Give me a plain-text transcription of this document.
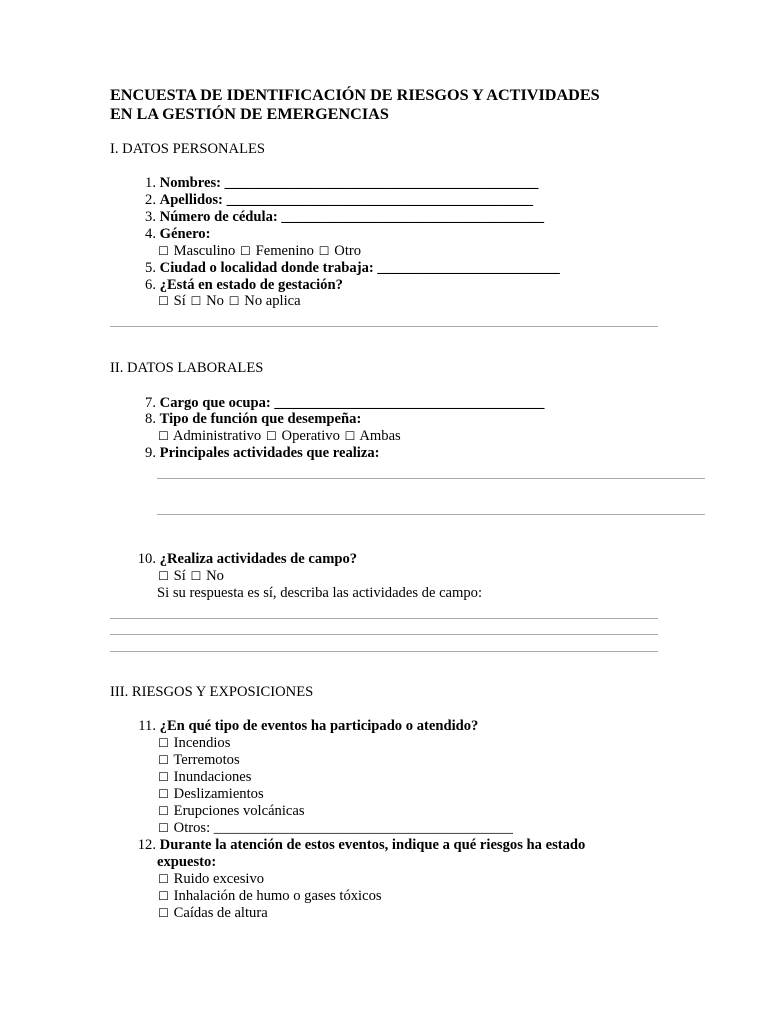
ENCUESTA DE IDENTIFICACIÓN DE RIESGOS Y ACTIVIDADES
EN LA GESTIÓN DE EMERGENCIAS
I. DATOS PERSONALES
1. Nombres: ___________________________________________
2. Apellidos: __________________________________________
3. Número de cédula: ____________________________________
4. Género:
☐ Masculino ☐ Femenino ☐ Otro
5. Ciudad o localidad donde trabaja: _________________________
6. ¿Está en estado de gestación?
☐ Sí ☐ No ☐ No aplica
II. DATOS LABORALES
7. Cargo que ocupa: _____________________________________
8. Tipo de función que desempeña:
☐ Administrativo ☐ Operativo ☐ Ambas
9. Principales actividades que realiza:
10. ¿Realiza actividades de campo?
☐ Sí ☐ No
Si su respuesta es sí, describa las actividades de campo:
III. RIESGOS Y EXPOSICIONES
11. ¿En qué tipo de eventos ha participado o atendido?
☐ Incendios
☐ Terremotos
☐ Inundaciones
☐ Deslizamientos
☐ Erupciones volcánicas
☐ Otros: _________________________________________
12. Durante la atención de estos eventos, indique a qué riesgos ha estado
expuesto:
☐ Ruido excesivo
☐ Inhalación de humo o gases tóxicos
☐ Caídas de altura
